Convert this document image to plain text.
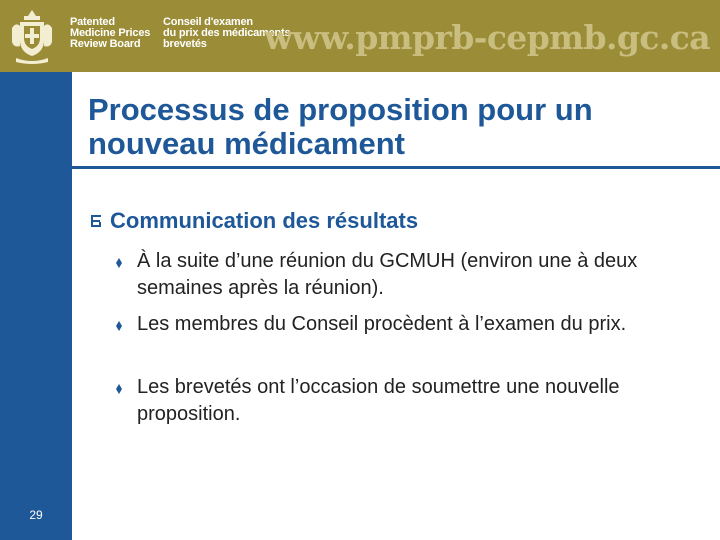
Patented
Medicine Prices
Review Board
Conseil d'examen
du prix des médicaments
brevetés	www.pmprb-cepmb.gc.ca
29
Processus de proposition pour un
nouveau médicament
Communication des résultats
À la suite d’une réunion du GCMUH (environ une à deux semaines après la réunion).
Les membres du Conseil procèdent à l’examen du prix.
Les brevetés ont l’occasion de soumettre une nouvelle proposition.
